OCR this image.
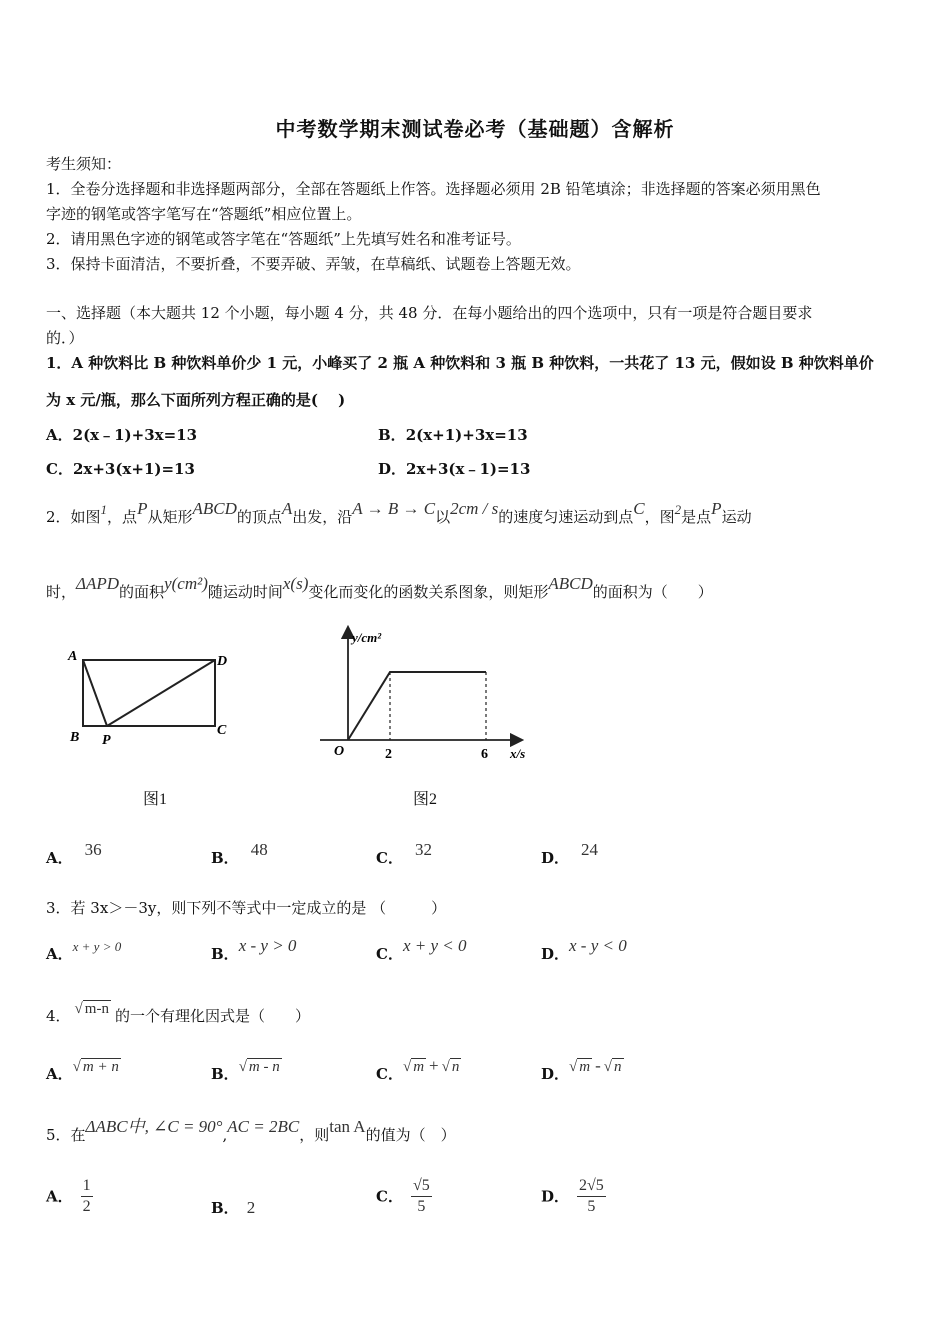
中考数学期末测试卷必考（基础题）含解析
考生须知：
1．全卷分选择题和非选择题两部分，全部在答题纸上作答。选择题必须用 2B 铅笔填涂；非选择题的答案必须用黑色
字迹的钢笔或答字笔写在“答题纸”相应位置上。
2．请用黑色字迹的钢笔或答字笔在“答题纸”上先填写姓名和准考证号。
3．保持卡面清洁，不要折叠，不要弄破、弄皱，在草稿纸、试题卷上答题无效。
一、选择题（本大题共 12 个小题，每小题 4 分，共 48 分．在每小题给出的四个选项中，只有一项是符合题目要求
的．）
1．A 种饮料比 B 种饮料单价少 1 元，小峰买了 2 瓶 A 种饮料和 3 瓶 B 种饮料，一共花了 13 元，假如设 B 种饮料单价
为 x 元/瓶，那么下面所列方程正确的是(　 )
A．2(x﹣1)+3x=13	B．2(x+1)+3x=13
C．2x+3(x+1)=13	D．2x+3(x﹣1)=13
2．如图1，点P从矩形ABCD的顶点A出发，沿A → B → C以2cm / s的速度匀速运动到点C，图2是点P运动
时，ΔAPD的面积y(cm²)随运动时间x(s)变化而变化的函数关系图象，则矩形ABCD的面积为（　　）
A
B	C
D
P
图1
y/cm²
x/s
O	2	6
图2
A． 36	B． 48	C． 32	D． 24
3．若 3x＞－3y，则下列不等式中一定成立的是 （　　　）
A．x + y > 0	B．x - y > 0	C．x + y < 0	D．x - y < 0
4． √ m-n 的一个有理化因式是（　　）
A．√ m + n	B．√ m - n	C．√ m + √ n	D．√ m - √ n
5．在ΔABC中, ∠C = 90°,AC = 2BC，则tan A的值为（　）
A． $\frac{1}{2}$	B． 2
C． $\frac{√5}{5}$	D． $\frac{2√5}{5}$
